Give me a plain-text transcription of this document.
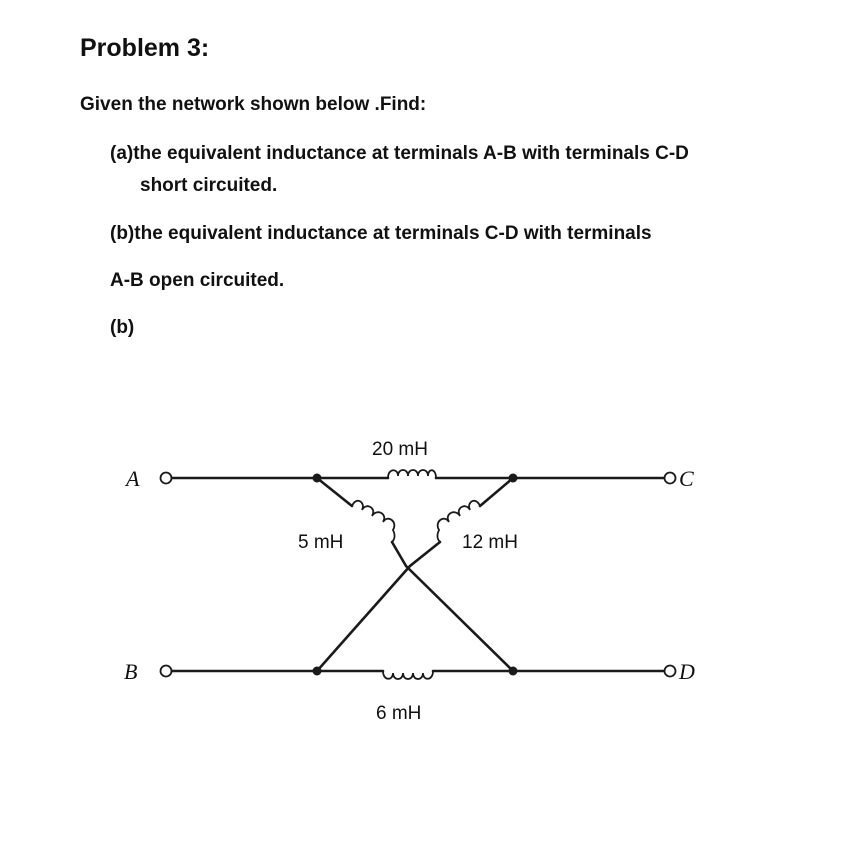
Problem 3:
Given the network shown below .Find:
(a)the equivalent inductance at terminals A-B with terminals C-D
short circuited.
(b)the equivalent inductance at terminals C-D with terminals
A-B open circuited.
(b)
A
B
C
D
20 mH
5 mH	12 mH
6 mH
